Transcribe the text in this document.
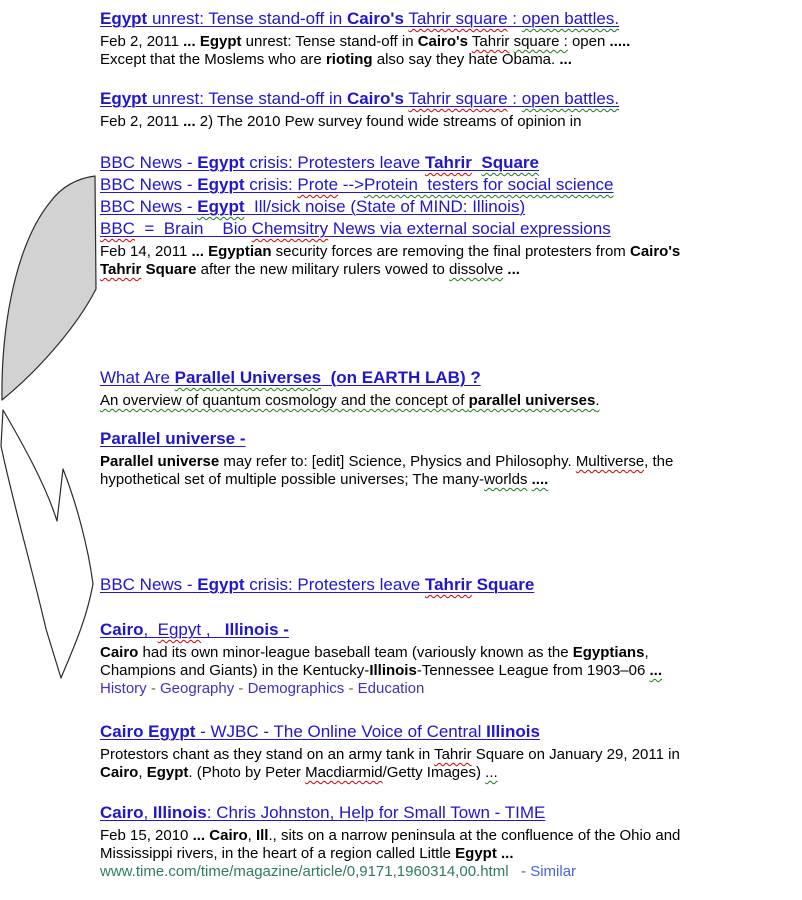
Egypt unrest: Tense stand-off in Cairo's Tahrir square : open battles.
Feb 2, 2011 ... Egypt unrest: Tense stand-off in Cairo's Tahrir square : open .....
Except that the Moslems who are rioting also say they hate Obama. ...
Egypt unrest: Tense stand-off in Cairo's Tahrir square : open battles.
Feb 2, 2011 ... 2) The 2010 Pew survey found wide streams of opinion in
BBC News - Egypt crisis: Protesters leave Tahrir Square
BBC News - Egypt crisis: Prote -->Protein  testers for social science
BBC News - Egypt  Ill/sick noise (State of MIND: Illinois)
BBC  =  Brain    Bio Chemsitry News via external social expressions
Feb 14, 2011 ... Egyptian security forces are removing the final protesters from Cairo's
Tahrir Square after the new military rulers vowed to dissolve ...
What Are Parallel Universes (on EARTH LAB) ?
An overview of quantum cosmology and the concept of parallel universes.
Parallel universe -
Parallel universe may refer to: [edit] Science, Physics and Philosophy. Multiverse, the
hypothetical set of multiple possible universes; The many-worlds ....
BBC News - Egypt crisis: Protesters leave Tahrir Square
Cairo,  Egpyt ,   Illinois -
Cairo had its own minor-league baseball team (variously known as the Egyptians,
Champions and Giants) in the Kentucky-Illinois-Tennessee League from 1903–06 ...
History - Geography - Demographics - Education
Cairo Egypt - WJBC - The Online Voice of Central Illinois
Protestors chant as they stand on an army tank in Tahrir Square on January 29, 2011 in
Cairo, Egypt. (Photo by Peter Macdiarmid/Getty Images) ...
Cairo, Illinois: Chris Johnston, Help for Small Town - TIME
Feb 15, 2010 ... Cairo, Ill., sits on a narrow peninsula at the confluence of the Ohio and
Mississippi rivers, in the heart of a region called Little Egypt ...
www.time.com/time/magazine/article/0,9171,1960314,00.html   - Similar
